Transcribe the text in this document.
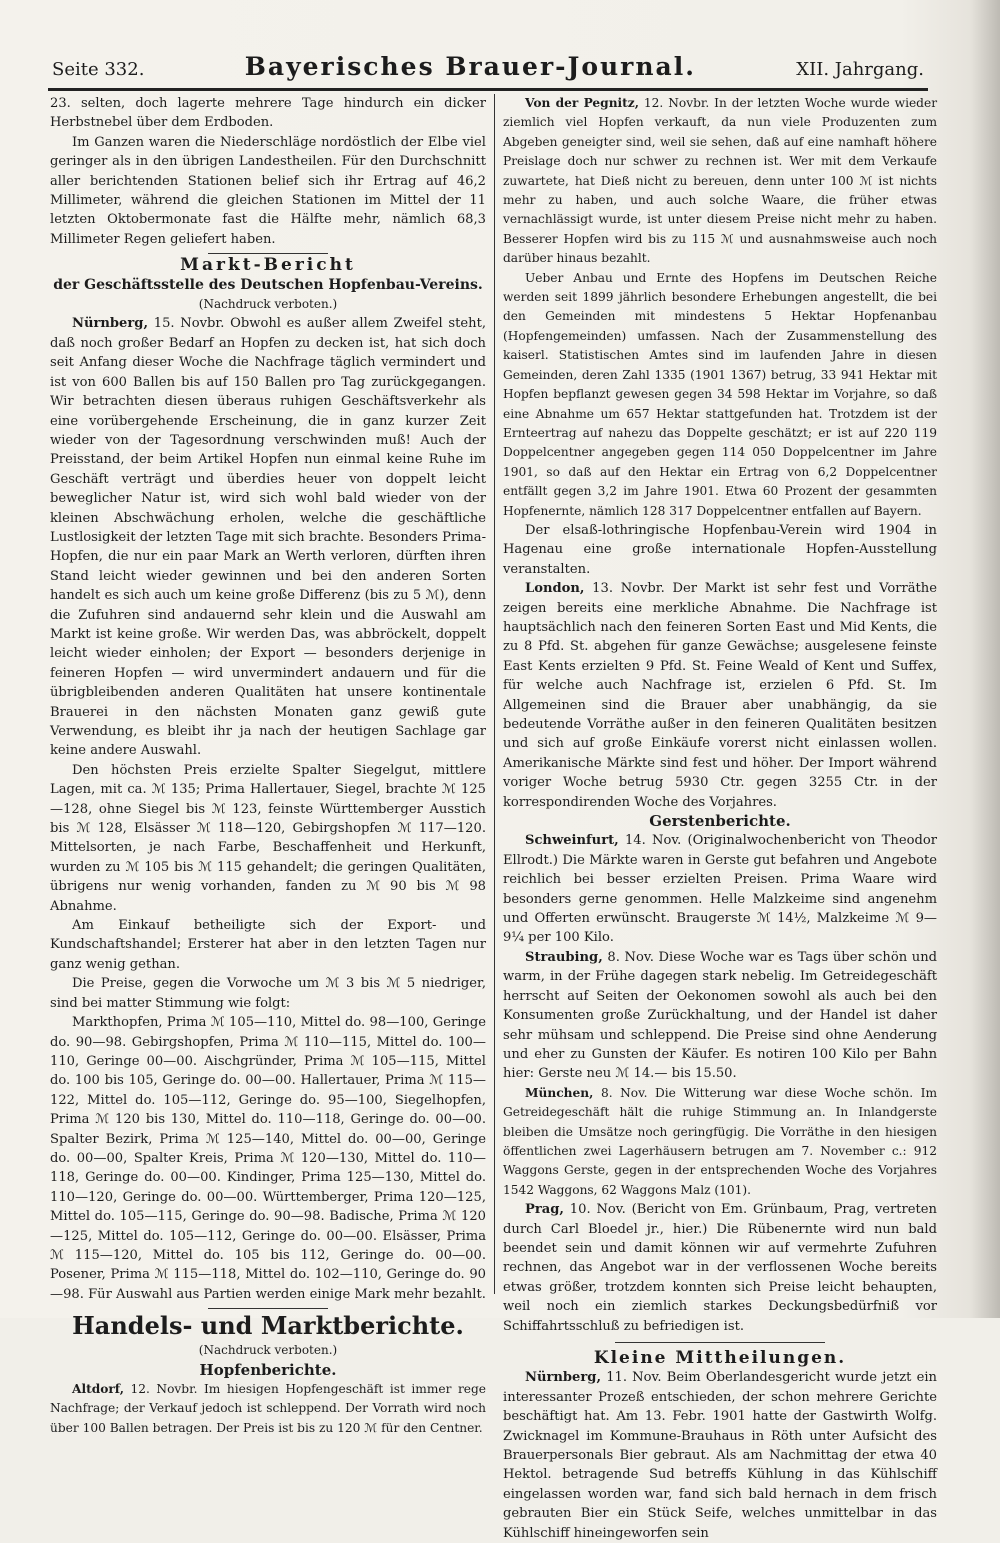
Seite 332.	Bayerisches Brauer-Journal.	XII. Jahrgang.

23. selten, doch lagerte mehrere Tage hindurch ein dicker Herbstnebel über dem Erdboden.

Im Ganzen waren die Niederschläge nordöstlich der Elbe viel geringer als in den übrigen Landestheilen. Für den Durchschnitt aller berichtenden Stationen belief sich ihr Ertrag auf 46,2 Millimeter, während die gleichen Stationen im Mittel der 11 letzten Oktobermonate fast die Hälfte mehr, nämlich 68,3 Millimeter Regen geliefert haben.

Markt-Bericht

der Geschäftsstelle des Deutschen Hopfenbau-Vereins.

(Nachdruck verboten.)

Nürnberg, 15. Novbr. Obwohl es außer allem Zweifel steht, daß noch großer Bedarf an Hopfen zu decken ist, hat sich doch seit Anfang dieser Woche die Nachfrage täglich vermindert und ist von 600 Ballen bis auf 150 Ballen pro Tag zurückgegangen. Wir betrachten diesen überaus ruhigen Geschäftsverkehr als eine vorübergehende Erscheinung, die in ganz kurzer Zeit wieder von der Tagesordnung verschwinden muß! Auch der Preisstand, der beim Artikel Hopfen nun einmal keine Ruhe im Geschäft verträgt und überdies heuer von doppelt leicht beweglicher Natur ist, wird sich wohl bald wieder von der kleinen Abschwächung erholen, welche die geschäftliche Lustlosigkeit der letzten Tage mit sich brachte. Besonders Prima-Hopfen, die nur ein paar Mark an Werth verloren, dürften ihren Stand leicht wieder gewinnen und bei den anderen Sorten handelt es sich auch um keine große Differenz (bis zu 5 ℳ), denn die Zufuhren sind andauernd sehr klein und die Auswahl am Markt ist keine große. Wir werden Das, was abbröckelt, doppelt leicht wieder einholen; der Export — besonders derjenige in feineren Hopfen — wird unvermindert andauern und für die übrigbleibenden anderen Qualitäten hat unsere kontinentale Brauerei in den nächsten Monaten ganz gewiß gute Verwendung, es bleibt ihr ja nach der heutigen Sachlage gar keine andere Auswahl.

Den höchsten Preis erzielte Spalter Siegelgut, mittlere Lagen, mit ca. ℳ 135; Prima Hallertauer, Siegel, brachte ℳ 125—128, ohne Siegel bis ℳ 123, feinste Württemberger Ausstich bis ℳ 128, Elsässer ℳ 118—120, Gebirgshopfen ℳ 117—120. Mittelsorten, je nach Farbe, Beschaffenheit und Herkunft, wurden zu ℳ 105 bis ℳ 115 gehandelt; die geringen Qualitäten, übrigens nur wenig vorhanden, fanden zu ℳ 90 bis ℳ 98 Abnahme.

Am Einkauf betheiligte sich der Export- und Kundschaftshandel; Ersterer hat aber in den letzten Tagen nur ganz wenig gethan.

Die Preise, gegen die Vorwoche um ℳ 3 bis ℳ 5 niedriger, sind bei matter Stimmung wie folgt:

Markthopfen, Prima ℳ 105—110, Mittel do. 98—100, Geringe do. 90—98. Gebirgshopfen, Prima ℳ 110—115, Mittel do. 100—110, Geringe 00—00. Aischgründer, Prima ℳ 105—115, Mittel do. 100 bis 105, Geringe do. 00—00. Hallertauer, Prima ℳ 115—122, Mittel do. 105—112, Geringe do. 95—100, Siegelhopfen, Prima ℳ 120 bis 130, Mittel do. 110—118, Geringe do. 00—00. Spalter Bezirk, Prima ℳ 125—140, Mittel do. 00—00, Geringe do. 00—00, Spalter Kreis, Prima ℳ 120—130, Mittel do. 110—118, Geringe do. 00—00. Kindinger, Prima 125—130, Mittel do. 110—120, Geringe do. 00—00. Württemberger, Prima 120—125, Mittel do. 105—115, Geringe do. 90—98. Badische, Prima ℳ 120—125, Mittel do. 105—112, Geringe do. 00—00. Elsässer, Prima ℳ 115—120, Mittel do. 105 bis 112, Geringe do. 00—00. Posener, Prima ℳ 115—118, Mittel do. 102—110, Geringe do. 90—98. Für Auswahl aus Partien werden einige Mark mehr bezahlt.

Handels- und Marktberichte.

(Nachdruck verboten.)

Hopfenberichte.

Altdorf, 12. Novbr. Im hiesigen Hopfengeschäft ist immer rege Nachfrage; der Verkauf jedoch ist schleppend. Der Vorrath wird noch über 100 Ballen betragen. Der Preis ist bis zu 120 ℳ für den Centner.

Von der Pegnitz, 12. Novbr. In der letzten Woche wurde wieder ziemlich viel Hopfen verkauft, da nun viele Produzenten zum Abgeben geneigter sind, weil sie sehen, daß auf eine namhaft höhere Preislage doch nur schwer zu rechnen ist. Wer mit dem Verkaufe zuwartete, hat Dieß nicht zu bereuen, denn unter 100 ℳ ist nichts mehr zu haben, und auch solche Waare, die früher etwas vernachlässigt wurde, ist unter diesem Preise nicht mehr zu haben. Besserer Hopfen wird bis zu 115 ℳ und ausnahmsweise auch noch darüber hinaus bezahlt.

Ueber Anbau und Ernte des Hopfens im Deutschen Reiche werden seit 1899 jährlich besondere Erhebungen angestellt, die bei den Gemeinden mit mindestens 5 Hektar Hopfenanbau (Hopfengemeinden) umfassen. Nach der Zusammenstellung des kaiserl. Statistischen Amtes sind im laufenden Jahre in diesen Gemeinden, deren Zahl 1335 (1901 1367) betrug, 33 941 Hektar mit Hopfen bepflanzt gewesen gegen 34 598 Hektar im Vorjahre, so daß eine Abnahme um 657 Hektar stattgefunden hat. Trotzdem ist der Ernteertrag auf nahezu das Doppelte geschätzt; er ist auf 220 119 Doppelcentner angegeben gegen 114 050 Doppelcentner im Jahre 1901, so daß auf den Hektar ein Ertrag von 6,2 Doppelcentner entfällt gegen 3,2 im Jahre 1901. Etwa 60 Prozent der gesammten Hopfenernte, nämlich 128 317 Doppelcentner entfallen auf Bayern.

Der elsaß-lothringische Hopfenbau-Verein wird 1904 in Hagenau eine große internationale Hopfen-Ausstellung veranstalten.

London, 13. Novbr. Der Markt ist sehr fest und Vorräthe zeigen bereits eine merkliche Abnahme. Die Nachfrage ist hauptsächlich nach den feineren Sorten East und Mid Kents, die zu 8 Pfd. St. abgehen für ganze Gewächse; ausgelesene feinste East Kents erzielten 9 Pfd. St. Feine Weald of Kent und Suffex, für welche auch Nachfrage ist, erzielen 6 Pfd. St. Im Allgemeinen sind die Brauer aber unabhängig, da sie bedeutende Vorräthe außer in den feineren Qualitäten besitzen und sich auf große Einkäufe vorerst nicht einlassen wollen. Amerikanische Märkte sind fest und höher. Der Import während voriger Woche betrug 5930 Ctr. gegen 3255 Ctr. in der korrespondirenden Woche des Vorjahres.

Gerstenberichte.

Schweinfurt, 14. Nov. (Originalwochenbericht von Theodor Ellrodt.) Die Märkte waren in Gerste gut befahren und Angebote reichlich bei besser erzielten Preisen. Prima Waare wird besonders gerne genommen. Helle Malzkeime sind angenehm und Offerten erwünscht. Braugerste ℳ 14½, Malzkeime ℳ 9—9¼ per 100 Kilo.

Straubing, 8. Nov. Diese Woche war es Tags über schön und warm, in der Frühe dagegen stark nebelig. Im Getreidegeschäft herrscht auf Seiten der Oekonomen sowohl als auch bei den Konsumenten große Zurückhaltung, und der Handel ist daher sehr mühsam und schleppend. Die Preise sind ohne Aenderung und eher zu Gunsten der Käufer. Es notiren 100 Kilo per Bahn hier: Gerste neu ℳ 14.— bis 15.50.

München, 8. Nov. Die Witterung war diese Woche schön. Im Getreidegeschäft hält die ruhige Stimmung an. In Inlandgerste bleiben die Umsätze noch geringfügig. Die Vorräthe in den hiesigen öffentlichen zwei Lagerhäusern betrugen am 7. November c.: 912 Waggons Gerste, gegen in der entsprechenden Woche des Vorjahres 1542 Waggons, 62 Waggons Malz (101).

Prag, 10. Nov. (Bericht von Em. Grünbaum, Prag, vertreten durch Carl Bloedel jr., hier.) Die Rübenernte wird nun bald beendet sein und damit können wir auf vermehrte Zufuhren rechnen, das Angebot war in der verflossenen Woche bereits etwas größer, trotzdem konnten sich Preise leicht behaupten, weil noch ein ziemlich starkes Deckungsbedürfniß vor Schiffahrtsschluß zu befriedigen ist.

Kleine Mittheilungen.

Nürnberg, 11. Nov. Beim Oberlandesgericht wurde jetzt ein interessanter Prozeß entschieden, der schon mehrere Gerichte beschäftigt hat. Am 13. Febr. 1901 hatte der Gastwirth Wolfg. Zwicknagel im Kommune-Brauhaus in Röth unter Aufsicht des Brauerpersonals Bier gebraut. Als am Nachmittag der etwa 40 Hektol. betragende Sud betreffs Kühlung in das Kühlschiff eingelassen worden war, fand sich bald hernach in dem frisch gebrauten Bier ein Stück Seife, welches unmittelbar in das Kühlschiff hineingeworfen sein
